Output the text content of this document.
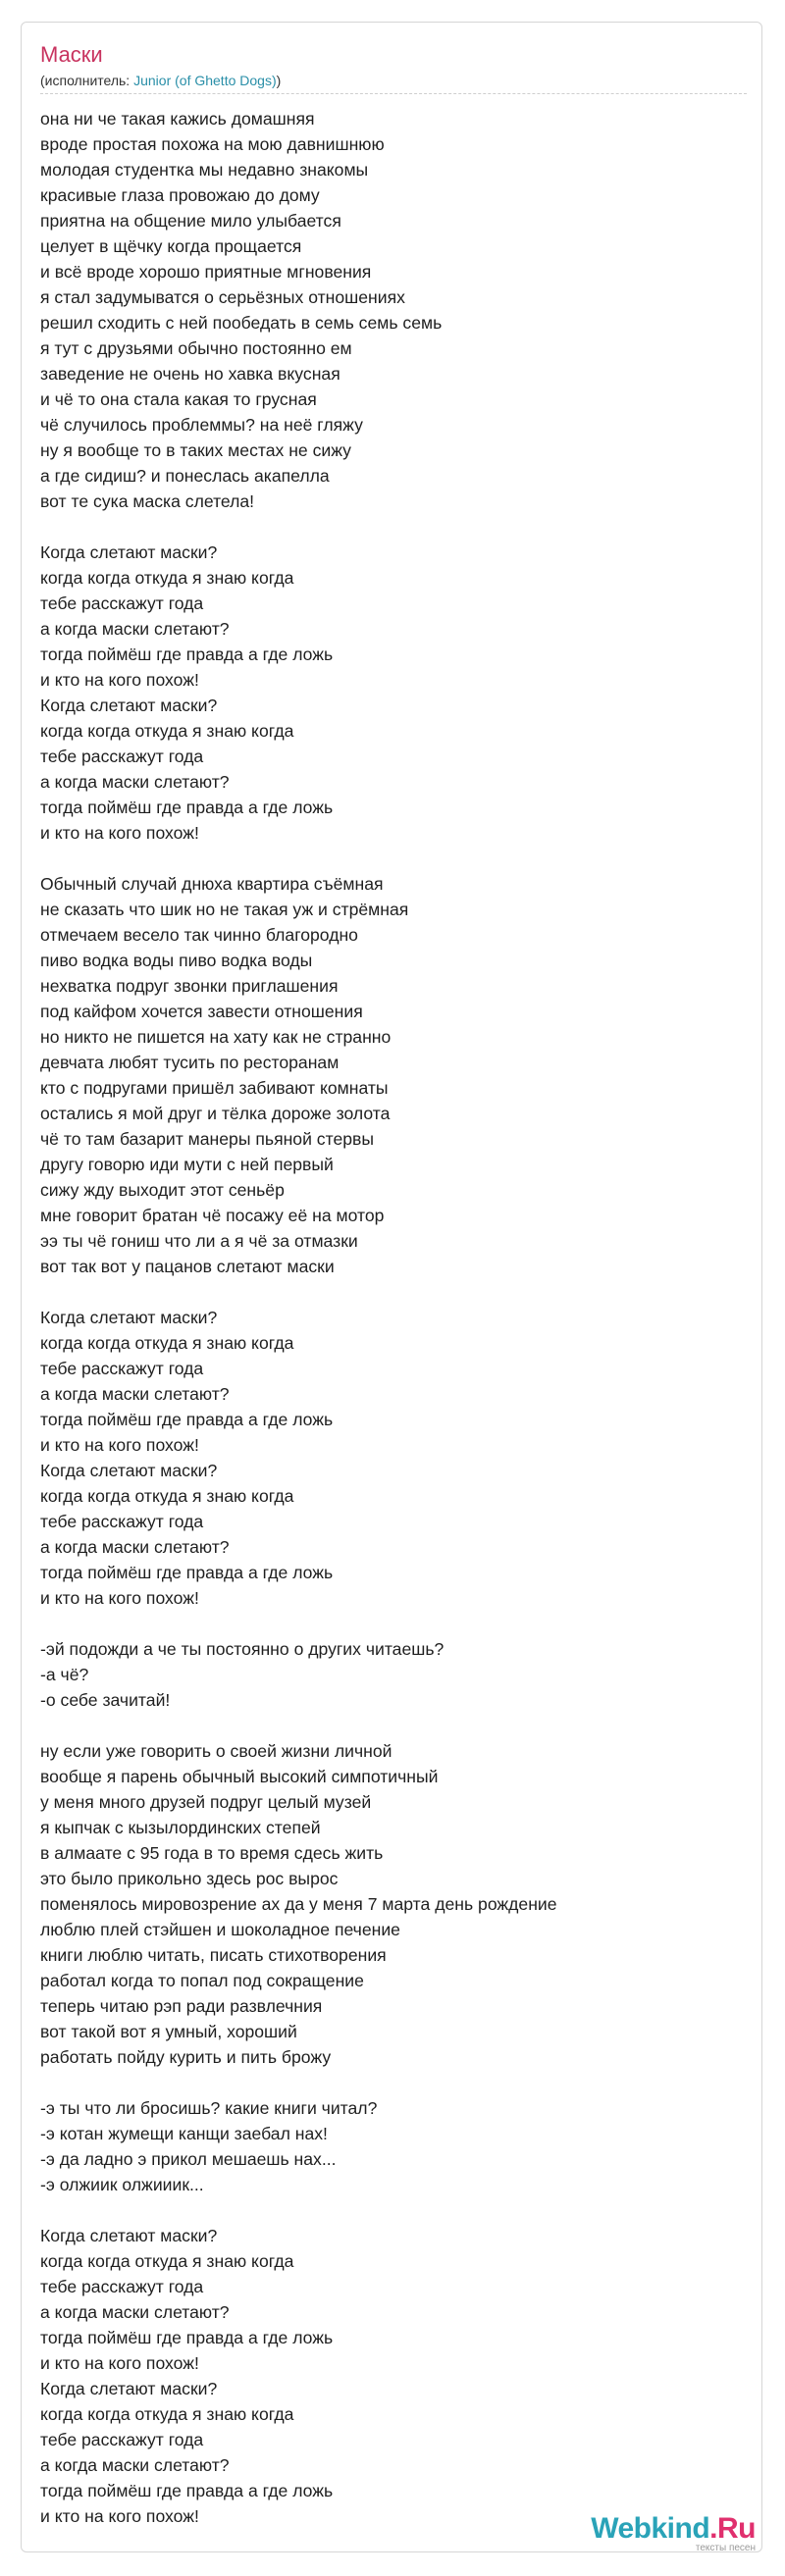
Маски
(исполнитель: Junior (of Ghetto Dogs))
она ни че такая кажись домашняя
вроде простая похожа на мою давнишнюю
молодая студентка мы недавно знакомы
красивые глаза провожаю до дому
приятна на общение мило улыбается
целует в щёчку когда прощается
и всё вроде хорошо приятные мгновения
я стал задумыватся о серьёзных отношениях
решил сходить с ней пообедать в семь семь семь
я тут с друзьями обычно постоянно ем
заведение не очень но хавка вкусная
и чё то она стала какая то грусная
чё случилось проблеммы? на неё гляжу
ну я вообще то в таких местах не сижу
а где сидиш? и понеслась акапелла
вот те сука маска слетела!
Когда слетают маски?
когда когда откуда я знаю когда
тебе расскажут года
а когда маски слетают?
тогда поймёш где правда а где ложь
и кто на кого похож!
Когда слетают маски?
когда когда откуда я знаю когда
тебе расскажут года
а когда маски слетают?
тогда поймёш где правда а где ложь
и кто на кого похож!
Обычный случай днюха квартира съёмная
не сказать что шик но не такая уж и стрёмная
отмечаем весело так чинно благородно
пиво водка воды пиво водка воды
нехватка подруг звонки приглашения
под кайфом хочется завести отношения
но никто не пишется на хату как не странно
девчата любят тусить по ресторанам
кто с подругами пришёл забивают комнаты
остались я мой друг и тёлка дороже золота
чё то там базарит манеры пьяной стервы
другу говорю иди мути с ней первый
сижу жду выходит этот сеньёр
мне говорит братан чё посажу её на мотор
ээ ты чё гониш что ли а я чё за отмазки
вот так вот у пацанов слетают маски
Когда слетают маски?
когда когда откуда я знаю когда
тебе расскажут года
а когда маски слетают?
тогда поймёш где правда а где ложь
и кто на кого похож!
Когда слетают маски?
когда когда откуда я знаю когда
тебе расскажут года
а когда маски слетают?
тогда поймёш где правда а где ложь
и кто на кого похож!
-эй подожди а че ты постоянно о других читаешь?
-а чё?
-о себе зачитай!
ну если уже говорить о своей жизни личной
вообще я парень обычный высокий симпотичный
у меня много друзей подруг целый музей
я кыпчак с кызылординских степей
в алмаате с 95 года в то время сдесь жить
это было прикольно здесь рос вырос
поменялось мировозрение ах да у меня 7 марта день рождение
люблю плей стэйшен и шоколадное печение
книги люблю читать, писать стихотворения
работал когда то попал под сокращение
теперь читаю рэп ради развлечния
вот такой вот я умный, хороший
работать пойду курить и пить брожу
-э ты что ли бросишь? какие книги читал?
-э котан жумещи канщи заебал нах!
-э да ладно э прикол мешаешь нах...
-э олжиик олжииик...
Когда слетают маски?
когда когда откуда я знаю когда
тебе расскажут года
а когда маски слетают?
тогда поймёш где правда а где ложь
и кто на кого похож!
Когда слетают маски?
когда когда откуда я знаю когда
тебе расскажут года
а когда маски слетают?
тогда поймёш где правда а где ложь
и кто на кого похож!	Webkind.Ru
тексты песен
